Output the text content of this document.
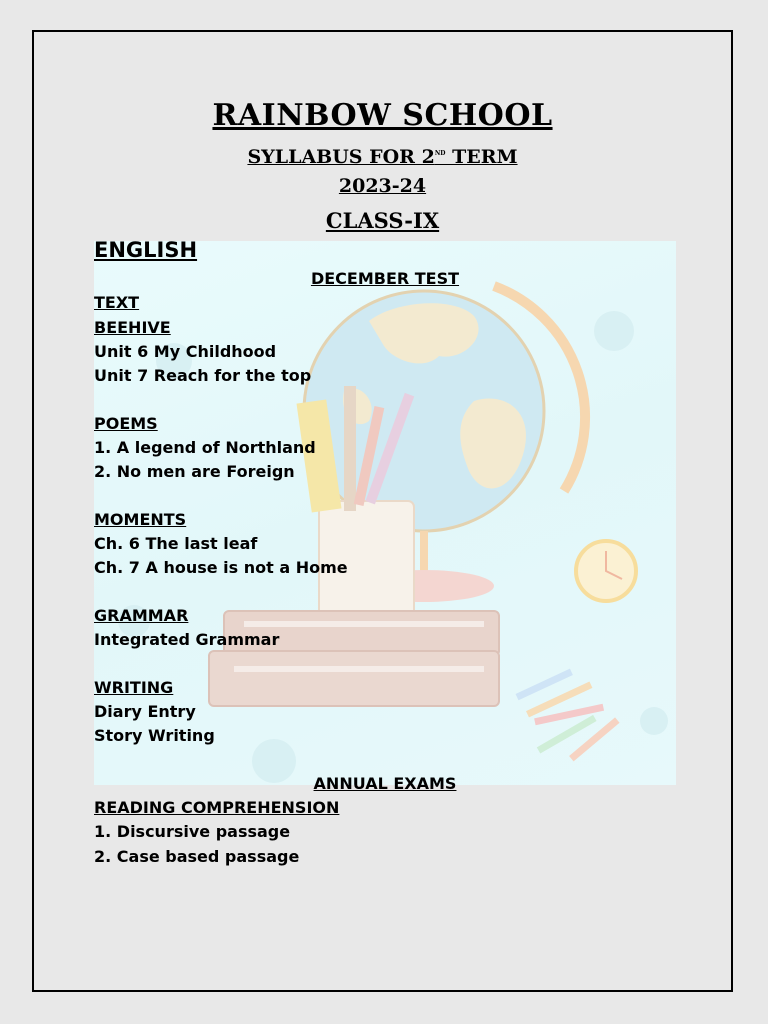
RAINBOW SCHOOL
SYLLABUS FOR 2nd TERM
2023-24
CLASS-IX
ENGLISH
DECEMBER TEST
TEXT
BEEHIVE
Unit 6 My Childhood
Unit 7 Reach for the top
POEMS
1. A legend of Northland
2. No men are Foreign
MOMENTS
Ch. 6 The last leaf
Ch. 7 A house is not a Home
GRAMMAR
Integrated Grammar
WRITING
Diary Entry
Story Writing
ANNUAL EXAMS
READING COMPREHENSION
1. Discursive passage
2. Case based passage
